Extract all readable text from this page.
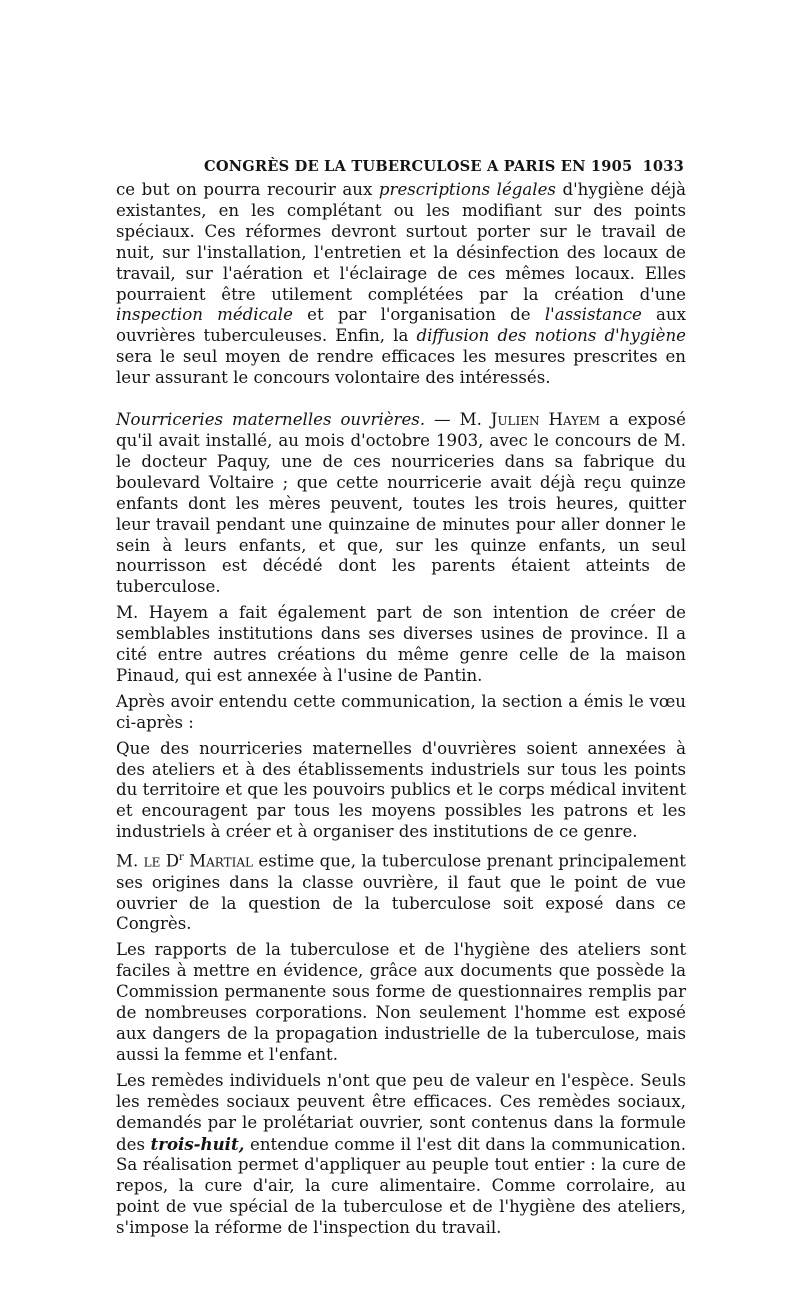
CONGRÈS DE LA TUBERCULOSE A PARIS EN 1905 1033

ce but on pourra recourir aux prescriptions légales d'hygiène déjà existantes, en les complétant ou les modifiant sur des points spéciaux. Ces réformes devront surtout porter sur le travail de nuit, sur l'installation, l'entretien et la désinfection des locaux de travail, sur l'aération et l'éclairage de ces mêmes locaux. Elles pourraient être utilement complétées par la création d'une inspection médicale et par l'organisation de l'assistance aux ouvrières tuberculeuses. Enfin, la diffusion des notions d'hygiène sera le seul moyen de rendre efficaces les mesures prescrites en leur assurant le concours volontaire des intéressés.

Nourriceries maternelles ouvrières. — M. Julien Hayem a exposé qu'il avait installé, au mois d'octobre 1903, avec le concours de M. le docteur Paquy, une de ces nourriceries dans sa fabrique du boulevard Voltaire ; que cette nourricerie avait déjà reçu quinze enfants dont les mères peuvent, toutes les trois heures, quitter leur travail pendant une quinzaine de minutes pour aller donner le sein à leurs enfants, et que, sur les quinze enfants, un seul nourrisson est décédé dont les parents étaient atteints de tuberculose.

M. Hayem a fait également part de son intention de créer de semblables institutions dans ses diverses usines de province. Il a cité entre autres créations du même genre celle de la maison Pinaud, qui est annexée à l'usine de Pantin.

Après avoir entendu cette communication, la section a émis le vœu ci-après :

Que des nourriceries maternelles d'ouvrières soient annexées à des ateliers et à des établissements industriels sur tous les points du territoire et que les pouvoirs publics et le corps médical invitent et encouragent par tous les moyens possibles les patrons et les industriels à créer et à organiser des institutions de ce genre.

M. le $D^r$ Martial estime que, la tuberculose prenant principalement ses origines dans la classe ouvrière, il faut que le point de vue ouvrier de la question de la tuberculose soit exposé dans ce Congrès.

Les rapports de la tuberculose et de l'hygiène des ateliers sont faciles à mettre en évidence, grâce aux documents que possède la Commission permanente sous forme de questionnaires remplis par de nombreuses corporations. Non seulement l'homme est exposé aux dangers de la propagation industrielle de la tuberculose, mais aussi la femme et l'enfant.

Les remèdes individuels n'ont que peu de valeur en l'espèce. Seuls les remèdes sociaux peuvent être efficaces. Ces remèdes sociaux, demandés par le prolétariat ouvrier, sont contenus dans la formule des trois-huit, entendue comme il l'est dit dans la communication. Sa réalisation permet d'appliquer au peuple tout entier : la cure de repos, la cure d'air, la cure alimentaire. Comme corrolaire, au point de vue spécial de la tuberculose et de l'hygiène des ateliers, s'impose la réforme de l'inspection du travail.
